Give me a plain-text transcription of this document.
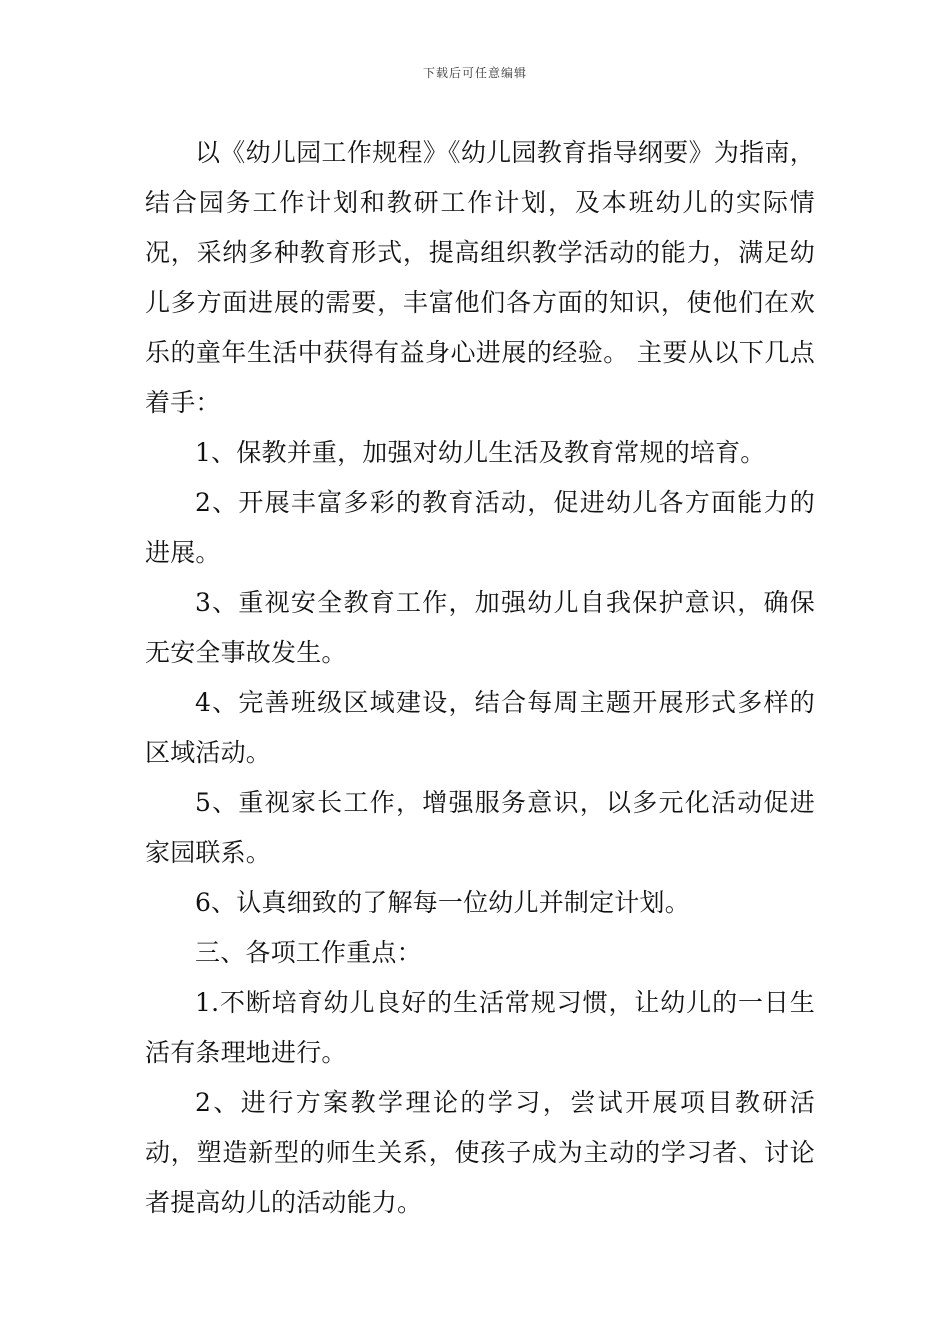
下载后可任意编辑

以《幼儿园工作规程》《幼儿园教育指导纲要》为指南，结合园务工作计划和教研工作计划，及本班幼儿的实际情况，采纳多种教育形式，提高组织教学活动的能力，满足幼儿多方面进展的需要，丰富他们各方面的知识，使他们在欢乐的童年生活中获得有益身心进展的经验。 主要从以下几点着手：

1、保教并重，加强对幼儿生活及教育常规的培育。

2、开展丰富多彩的教育活动，促进幼儿各方面能力的进展。

3、重视安全教育工作，加强幼儿自我保护意识，确保无安全事故发生。

4、完善班级区域建设，结合每周主题开展形式多样的区域活动。

5、重视家长工作，增强服务意识，以多元化活动促进家园联系。

6、认真细致的了解每一位幼儿并制定计划。

三、各项工作重点：

1.不断培育幼儿良好的生活常规习惯，让幼儿的一日生活有条理地进行。

2、进行方案教学理论的学习，尝试开展项目教研活动，塑造新型的师生关系，使孩子成为主动的学习者、讨论者提高幼儿的活动能力。
